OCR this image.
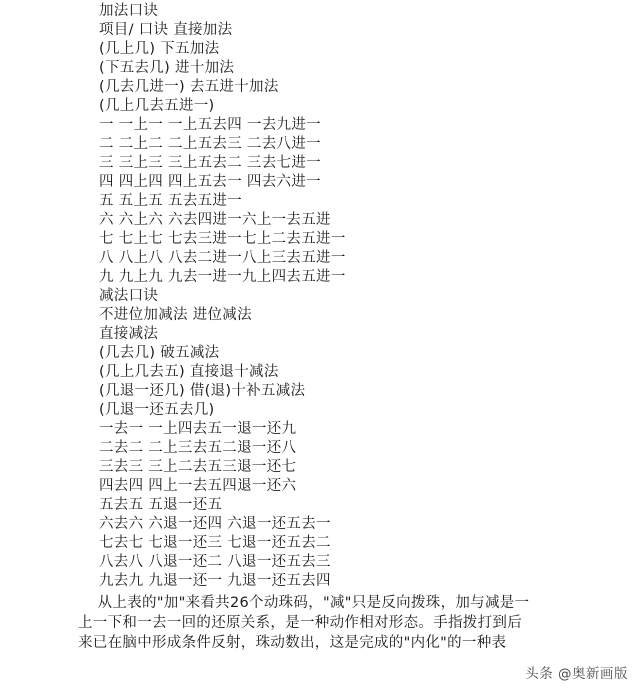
加法口诀
项目/ 口诀 直接加法
(几上几) 下五加法
(下五去几) 进十加法
(几去几进一) 去五进十加法
(几上几去五进一)
一 一上一 一上五去四 一去九进一
二 二上二 二上五去三 二去八进一
三 三上三 三上五去二 三去七进一
四 四上四 四上五去一 四去六进一
五 五上五 五去五进一
六 六上六 六去四进一六上一去五进
七 七上七 七去三进一七上二去五进一
八 八上八 八去二进一八上三去五进一
九 九上九 九去一进一九上四去五进一
减法口诀
不进位加减法 进位减法
直接减法
(几去几) 破五减法
(几上几去五) 直接退十减法
(几退一还几) 借(退)十补五减法
(几退一还五去几)
一去一 一上四去五一退一还九
二去二 二上三去五二退一还八
三去三 三上二去五三退一还七
四去四 四上一去五四退一还六
五去五 五退一还五
六去六 六退一还四 六退一还五去一
七去七 七退一还三 七退一还五去二
八去八 八退一还二 八退一还五去三
九去九 九退一还一 九退一还五去四
从上表的"加"来看共26个动珠码，"减"只是反向拨珠，加与减是一
上一下和一去一回的还原关系，是一种动作相对形态。手指拨打到后
来已在脑中形成条件反射，珠动数出，这是完成的"内化"的一种表
头条 @奥新画版
